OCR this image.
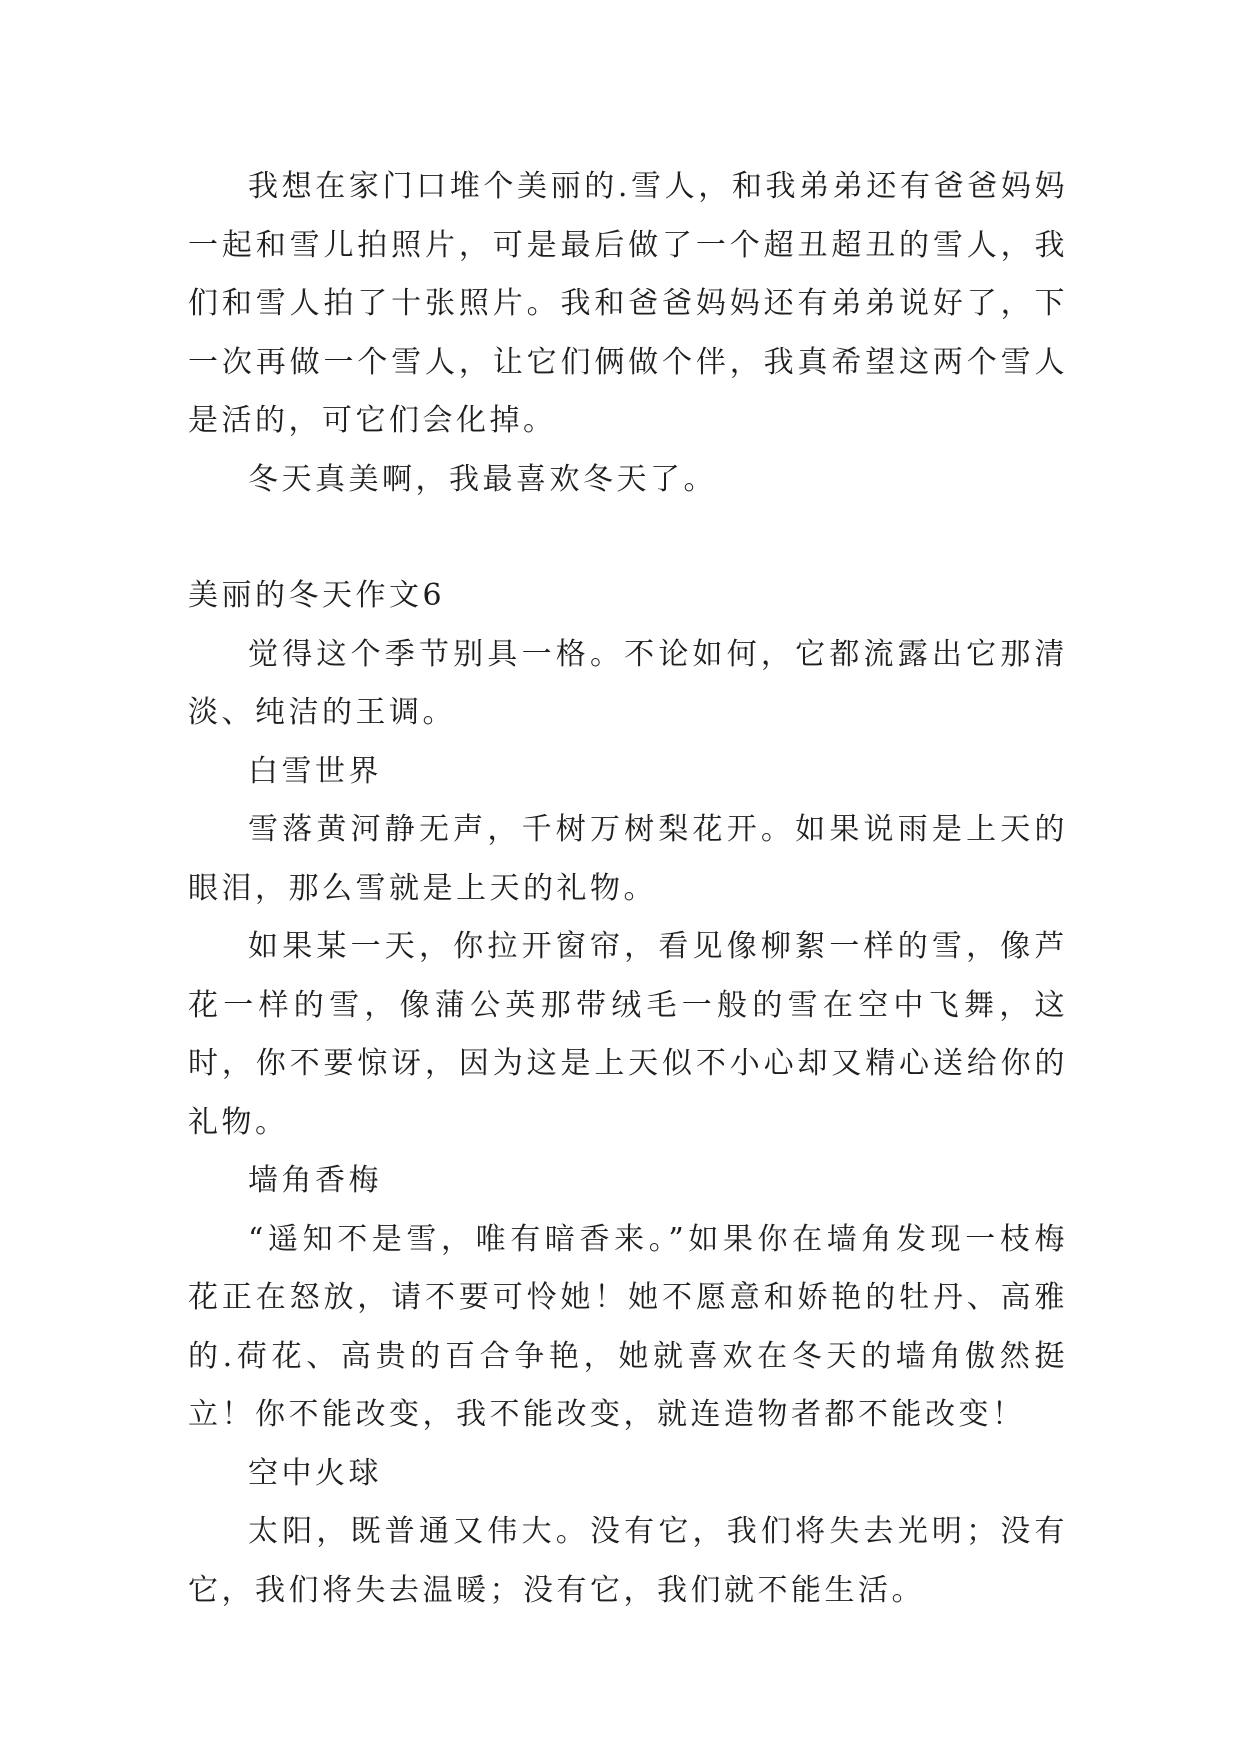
我想在家门口堆个美丽的.雪人，和我弟弟还有爸爸妈妈一起和雪儿拍照片，可是最后做了一个超丑超丑的雪人，我们和雪人拍了十张照片。我和爸爸妈妈还有弟弟说好了，下一次再做一个雪人，让它们俩做个伴，我真希望这两个雪人是活的，可它们会化掉。

冬天真美啊，我最喜欢冬天了。

美丽的冬天作文6

觉得这个季节别具一格。不论如何，它都流露出它那清淡、纯洁的王调。

白雪世界

雪落黄河静无声，千树万树梨花开。如果说雨是上天的眼泪，那么雪就是上天的礼物。

如果某一天，你拉开窗帘，看见像柳絮一样的雪，像芦花一样的雪，像蒲公英那带绒毛一般的雪在空中飞舞，这时，你不要惊讶，因为这是上天似不小心却又精心送给你的礼物。

墙角香梅

“遥知不是雪，唯有暗香来。”如果你在墙角发现一枝梅花正在怒放，请不要可怜她！她不愿意和娇艳的牡丹、高雅的.荷花、高贵的百合争艳，她就喜欢在冬天的墙角傲然挺立！你不能改变，我不能改变，就连造物者都不能改变！

空中火球

太阳，既普通又伟大。没有它，我们将失去光明；没有它，我们将失去温暖；没有它，我们就不能生活。
